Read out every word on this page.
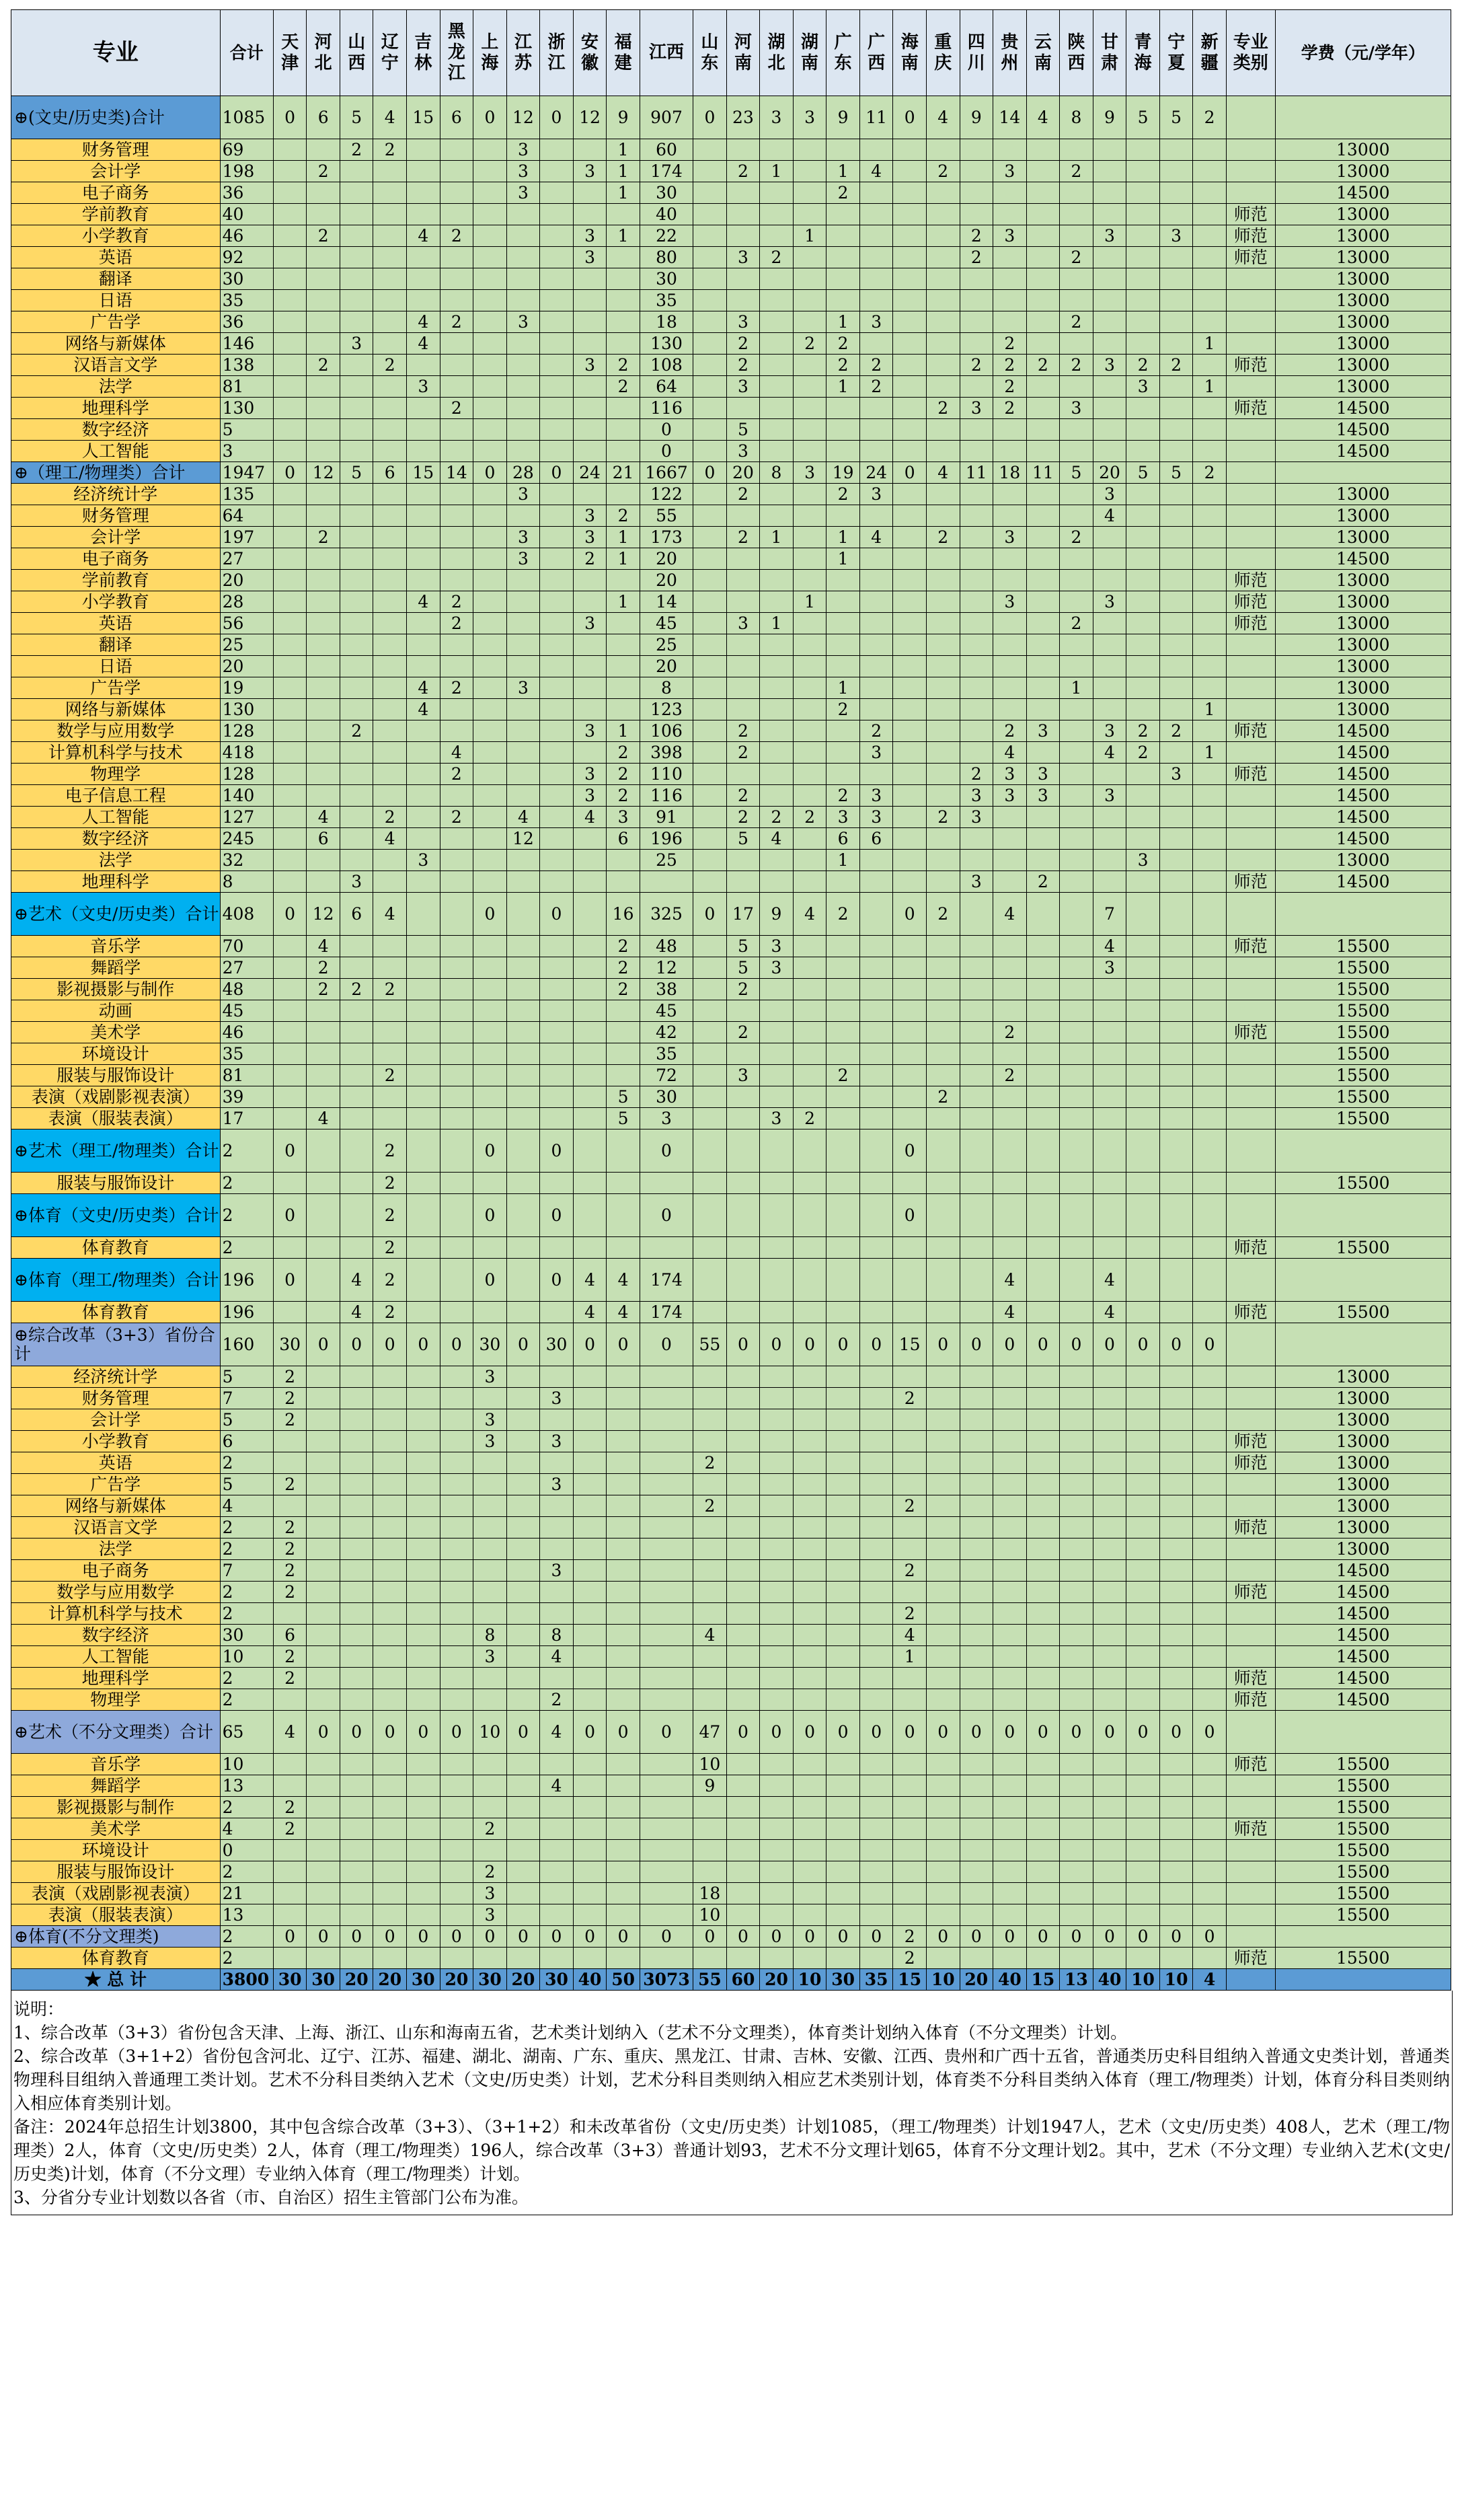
专业	合计	天津	河北	山西	辽宁	吉林	黑龙江	上海	江苏	浙江	安徽	福建	江西	山东	河南	湖北	湖南	广东	广西	海南	重庆	四川	贵州	云南	陕西	甘肃	青海	宁夏	新疆	专业类别	学费（元/学年）
⊕(文史/历史类)合计	1085	0	6	5	4	15	6	0	12	0	12	9	907	0	23	3	3	9	11	0	4	9	14	4	8	9	5	5	2		
财务管理	69			2	2				3			1	60																		13000
会计学	198		2						3		3	1	174		2	1		1	4		2		3		2						13000
电子商务	36								3			1	30					2													14500
学前教育	40												40																	师范	13000
小学教育	46		2			4	2				3	1	22				1					2	3			3		3		师范	13000
英语	92										3		80		3	2						2			2					师范	13000
翻译	30												30																		13000
日语	35												35																		13000
广告学	36					4	2		3				18		3			1	3						2						13000
网络与新媒体	146			3		4							130		2		2	2					2						1		13000
汉语言文学	138		2		2						3	2	108		2			2	2			2	2	2	2	3	2	2		师范	13000
法学	81					3						2	64		3			1	2				2				3		1		13000
地理科学	130						2						116								2	3	2		3					师范	14500
数字经济	5												0		5																14500
人工智能	3												0		3																14500
⊕（理工/物理类）合计	1947	0	12	5	6	15	14	0	28	0	24	21	1667	0	20	8	3	19	24	0	4	11	18	11	5	20	5	5	2		
经济统计学	135								3				122		2			2	3							3					13000
财务管理	64										3	2	55													4					13000
会计学	197		2						3		3	1	173		2	1		1	4		2		3		2						13000
电子商务	27								3		2	1	20					1													14500
学前教育	20												20																	师范	13000
小学教育	28					4	2					1	14				1						3			3				师范	13000
英语	56						2				3		45		3	1									2					师范	13000
翻译	25												25																		13000
日语	20												20																		13000
广告学	19					4	2		3				8					1							1						13000
网络与新媒体	130					4							123					2											1		13000
数学与应用数学	128			2							3	1	106		2				2				2	3		3	2	2		师范	14500
计算机科学与技术	418						4					2	398		2				3				4			4	2		1		14500
物理学	128						2				3	2	110									2	3	3				3		师范	14500
电子信息工程	140										3	2	116		2			2	3			3	3	3		3					14500
人工智能	127		4		2		2		4		4	3	91		2	2	2	3	3		2	3									14500
数字经济	245		6		4				12			6	196		5	4		6	6												14500
法学	32					3							25					1									3				13000
地理科学	8			3																		3		2						师范	14500
⊕艺术（文史/历史类）合计	408	0	12	6	4			0		0		16	325	0	17	9	4	2		0	2		4			7					
音乐学	70		4									2	48		5	3										4				师范	15500
舞蹈学	27		2									2	12		5	3										3					15500
影视摄影与制作	48		2	2	2							2	38		2																15500
动画	45												45																		15500
美术学	46												42		2								2							师范	15500
环境设计	35												35																		15500
服装与服饰设计	81				2								72		3			2					2								15500
表演（戏剧影视表演）	39											5	30								2										15500
表演（服装表演）	17		4									5	3			3	2														15500
⊕艺术（理工/物理类）合计	2	0			2			0		0			0							0											
服装与服饰设计	2				2																										15500
⊕体育（文史/历史类）合计	2	0			2			0		0			0							0											
体育教育	2				2																									师范	15500
⊕体育（理工/物理类）合计	196	0		4	2			0		0	4	4	174										4			4					
体育教育	196			4	2						4	4	174										4			4				师范	15500
⊕综合改革（3+3）省份合计	160	30	0	0	0	0	0	30	0	30	0	0	0	55	0	0	0	0	0	15	0	0	0	0	0	0	0	0	0		
经济统计学	5	2						3																							13000
财务管理	7	2								3										2											13000
会计学	5	2						3																							13000
小学教育	6							3		3																				师范	13000
英语	2													2																师范	13000
广告学	5	2								3																					13000
网络与新媒体	4													2						2											13000
汉语言文学	2	2																												师范	13000
法学	2	2																													13000
电子商务	7	2								3										2											14500
数学与应用数学	2	2																												师范	14500
计算机科学与技术	2																			2											14500
数字经济	30	6						8		8				4						4											14500
人工智能	10	2						3		4										1											14500
地理科学	2	2																												师范	14500
物理学	2									2																				师范	14500
⊕艺术（不分文理类）合计	65	4	0	0	0	0	0	10	0	4	0	0	0	47	0	0	0	0	0	0	0	0	0	0	0	0	0	0	0		
音乐学	10													10																师范	15500
舞蹈学	13									4				9																	15500
影视摄影与制作	2	2																													15500
美术学	4	2						2																						师范	15500
环境设计	0																														15500
服装与服饰设计	2							2																							15500
表演（戏剧影视表演）	21							3						18																	15500
表演（服装表演）	13							3						10																	15500
⊕体育(不分文理类)	2	0	0	0	0	0	0	0	0	0	0	0	0	0	0	0	0	0	0	2	0	0	0	0	0	0	0	0	0		
体育教育	2																			2										师范	15500
★ 总 计	3800	30	30	20	20	30	20	30	20	30	40	50	3073	55	60	20	10	30	35	15	10	20	40	15	13	40	10	10	4		

说明：

1、综合改革（3+3）省份包含天津、上海、浙江、山东和海南五省，艺术类计划纳入（艺术不分文理类），体育类计划纳入体育（不分文理类）计划。

2、综合改革（3+1+2）省份包含河北、辽宁、江苏、福建、湖北、湖南、广东、重庆、黑龙江、甘肃、吉林、安徽、江西、贵州和广西十五省，普通类历史科目组纳入普通文史类计划，普通类物理科目组纳入普通理工类计划。艺术不分科目类纳入艺术（文史/历史类）计划，艺术分科目类则纳入相应艺术类别计划，体育类不分科目类纳入体育（理工/物理类）计划，体育分科目类则纳入相应体育类别计划。

备注：2024年总招生计划3800，其中包含综合改革（3+3）、（3+1+2）和未改革省份（文史/历史类）计划1085，（理工/物理类）计划1947人，艺术（文史/历史类）408人，艺术（理工/物理类）2人，体育（文史/历史类）2人，体育（理工/物理类）196人，综合改革（3+3）普通计划93，艺术不分文理计划65，体育不分文理计划2。其中，艺术（不分文理）专业纳入艺术(文史/历史类)计划，体育（不分文理）专业纳入体育（理工/物理类）计划。

3、分省分专业计划数以各省（市、自治区）招生主管部门公布为准。
